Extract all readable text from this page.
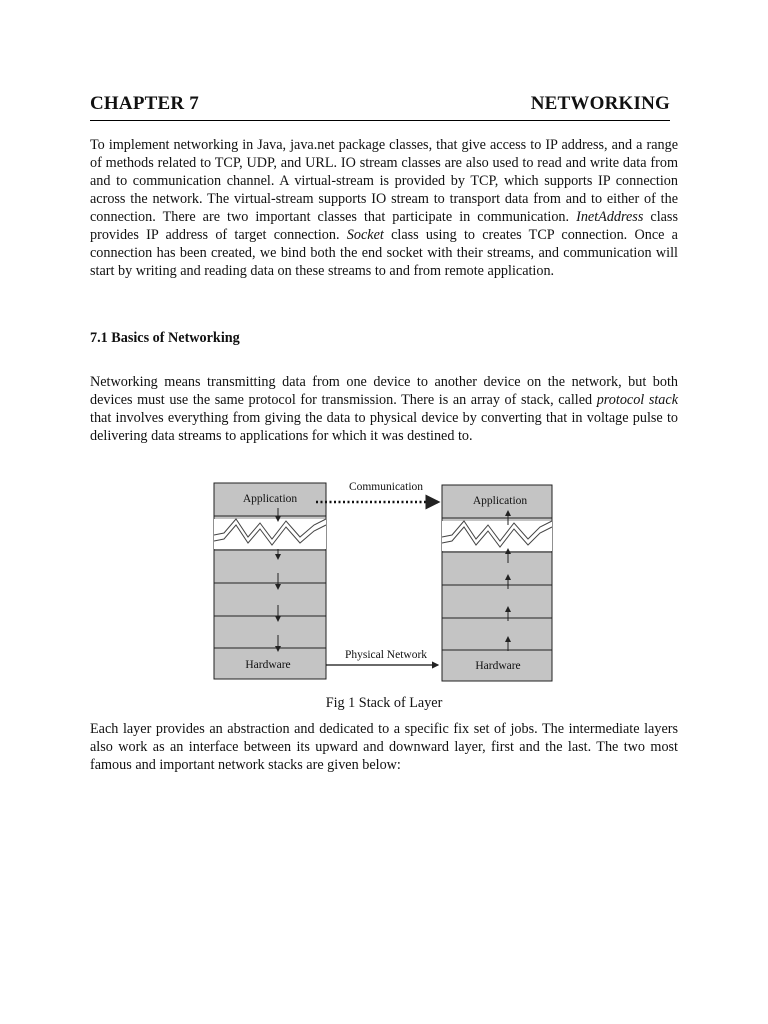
CHAPTER 7	NETWORKING

To implement networking in Java, java.net package classes, that give access to IP address, and a range of methods related to TCP, UDP, and URL. IO stream classes are also used to read and write data from and to communication channel. A virtual-stream is provided by TCP, which supports IP connection across the network. The virtual-stream supports IO stream to transport data from and to either of the connection. There are two important classes that participate in communication. InetAddress class provides IP address of target connection. Socket class using to creates TCP connection. Once a connection has been created, we bind both the end socket with their streams, and communication will start by writing and reading data on these streams to and from remote application.

7.1 Basics of Networking

Networking means transmitting data from one device to another device on the network, but both devices must use the same protocol for transmission. There is an array of stack, called protocol stack that involves everything from giving the data to physical device by converting that in voltage pulse to delivering data streams to applications for which it was destined to.

Application
Hardware
Application
Hardware
Communication
Physical Network
Fig 1 Stack of Layer

Each layer provides an abstraction and dedicated to a specific fix set of jobs. The intermediate layers also work as an interface between its upward and downward layer, first and the last. The two most famous and important network stacks are given below:
